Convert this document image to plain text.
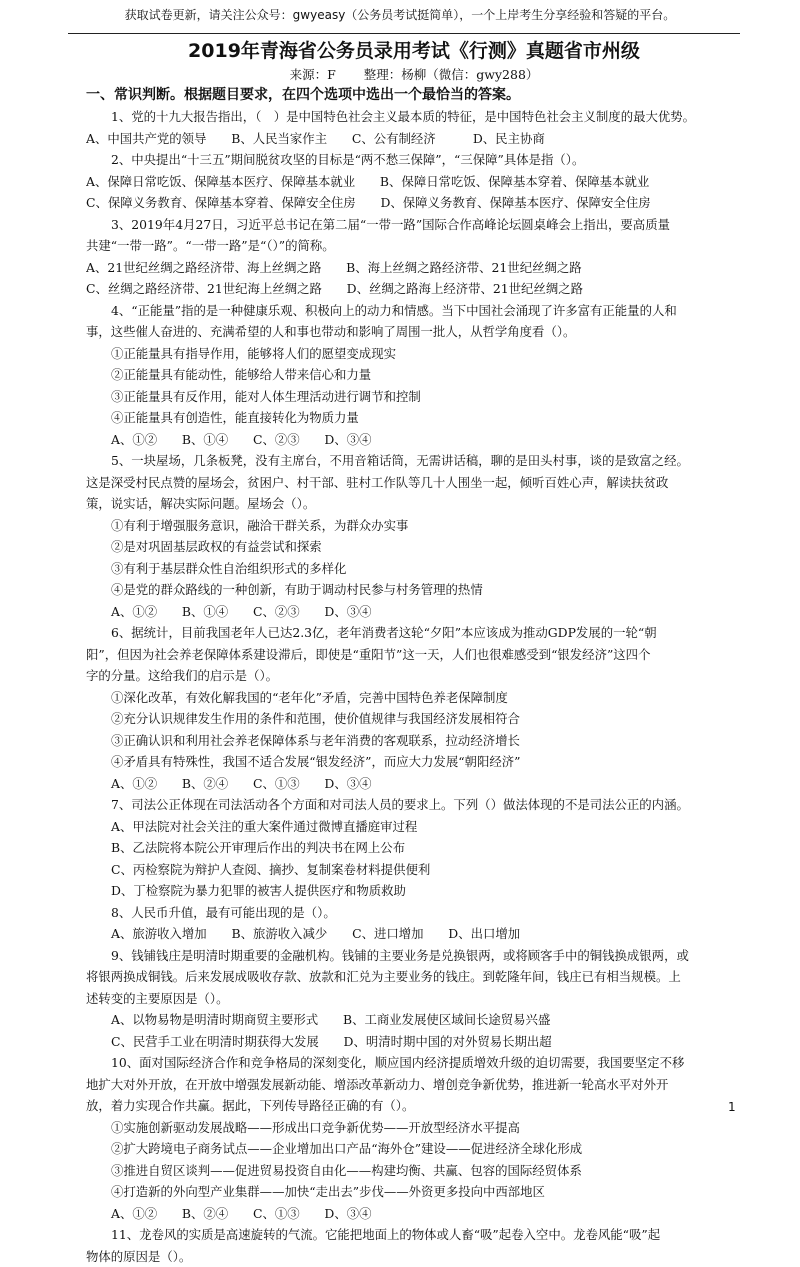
获取试卷更新，请关注公众号：gwyeasy（公务员考试挺简单），一个上岸考生分享经验和答疑的平台。
2019年青海省公务员录用考试《行测》真题省市州级
来源：F 整理：杨柳（微信：gwy288）
一、常识判断。根据题目要求，在四个选项中选出一个最恰当的答案。
1、党的十九大报告指出，（　）是中国特色社会主义最本质的特征，是中国特色社会主义制度的最大优势。
A、中国共产党的领导　　B、人民当家作主　　C、公有制经济　　　D、民主协商
2、中央提出“十三五”期间脱贫攻坚的目标是“两不愁三保障”，“三保障”具体是指（）。
A、保障日常吃饭、保障基本医疗、保障基本就业　　B、保障日常吃饭、保障基本穿着、保障基本就业
C、保障义务教育、保障基本穿着、保障安全住房　　D、保障义务教育、保障基本医疗、保障安全住房
3、2019年4月27日，习近平总书记在第二届“一带一路”国际合作高峰论坛圆桌峰会上指出，要高质量
共建“一带一路”。“一带一路”是“（）”的简称。
A、21世纪丝绸之路经济带、海上丝绸之路　　B、海上丝绸之路经济带、21世纪丝绸之路
C、丝绸之路经济带、21世纪海上丝绸之路　　D、丝绸之路海上经济带、21世纪丝绸之路
4、“正能量”指的是一种健康乐观、积极向上的动力和情感。当下中国社会涌现了许多富有正能量的人和
事，这些催人奋进的、充满希望的人和事也带动和影响了周围一批人，从哲学角度看（）。
①正能量具有指导作用，能够将人们的愿望变成现实
②正能量具有能动性，能够给人带来信心和力量
③正能量具有反作用，能对人体生理活动进行调节和控制
④正能量具有创造性，能直接转化为物质力量
A、①②　　B、①④　　C、②③　　D、③④
5、一块屋场，几条板凳，没有主席台，不用音箱话筒，无需讲话稿，聊的是田头村事，谈的是致富之经。
这是深受村民点赞的屋场会，贫困户、村干部、驻村工作队等几十人围坐一起，倾听百姓心声，解读扶贫政
策，说实话，解决实际问题。屋场会（）。
①有利于增强服务意识，融洽干群关系，为群众办实事
②是对巩固基层政权的有益尝试和探索
③有利于基层群众性自治组织形式的多样化
④是党的群众路线的一种创新，有助于调动村民参与村务管理的热情
A、①②　　B、①④　　C、②③　　D、③④
6、据统计，目前我国老年人已达2.3亿，老年消费者这轮“夕阳”本应该成为推动GDP发展的一轮“朝
阳”，但因为社会养老保障体系建设滞后，即使是“重阳节”这一天，人们也很难感受到“银发经济”这四个
字的分量。这给我们的启示是（）。
①深化改革，有效化解我国的“老年化”矛盾，完善中国特色养老保障制度
②充分认识规律发生作用的条件和范围，使价值规律与我国经济发展相符合
③正确认识和利用社会养老保障体系与老年消费的客观联系，拉动经济增长
④矛盾具有特殊性，我国不适合发展“银发经济”，而应大力发展“朝阳经济”
A、①②　　B、②④　　C、①③　　D、③④
7、司法公正体现在司法活动各个方面和对司法人员的要求上。下列（）做法体现的不是司法公正的内涵。
A、甲法院对社会关注的重大案件通过微博直播庭审过程
B、乙法院将本院公开审理后作出的判决书在网上公布
C、丙检察院为辩护人查阅、摘抄、复制案卷材料提供便利
D、丁检察院为暴力犯罪的被害人提供医疗和物质救助
8、人民币升值，最有可能出现的是（）。
A、旅游收入增加　　B、旅游收入减少　　C、进口增加　　D、出口增加
9、钱铺钱庄是明清时期重要的金融机构。钱铺的主要业务是兑换银两，或将顾客手中的铜钱换成银两，或
将银两换成铜钱。后来发展成吸收存款、放款和汇兑为主要业务的钱庄。到乾隆年间，钱庄已有相当规模。上
述转变的主要原因是（）。
A、以物易物是明清时期商贸主要形式　　B、工商业发展使区域间长途贸易兴盛
C、民营手工业在明清时期获得大发展　　D、明清时期中国的对外贸易长期出超
10、面对国际经济合作和竞争格局的深刻变化，顺应国内经济提质增效升级的迫切需要，我国要坚定不移
地扩大对外开放，在开放中增强发展新动能、增添改革新动力、增创竞争新优势，推进新一轮高水平对外开
放，着力实现合作共赢。据此，下列传导路径正确的有（）。
①实施创新驱动发展战略——形成出口竞争新优势——开放型经济水平提高
②扩大跨境电子商务试点——企业增加出口产品“海外仓”建设——促进经济全球化形成
③推进自贸区谈判——促进贸易投资自由化——构建均衡、共赢、包容的国际经贸体系
④打造新的外向型产业集群——加快“走出去”步伐——外资更多投向中西部地区
A、①②　　B、②④　　C、①③　　D、③④
11、龙卷风的实质是高速旋转的气流。它能把地面上的物体或人畜“吸”起卷入空中。龙卷风能“吸”起
物体的原因是（）。
1
